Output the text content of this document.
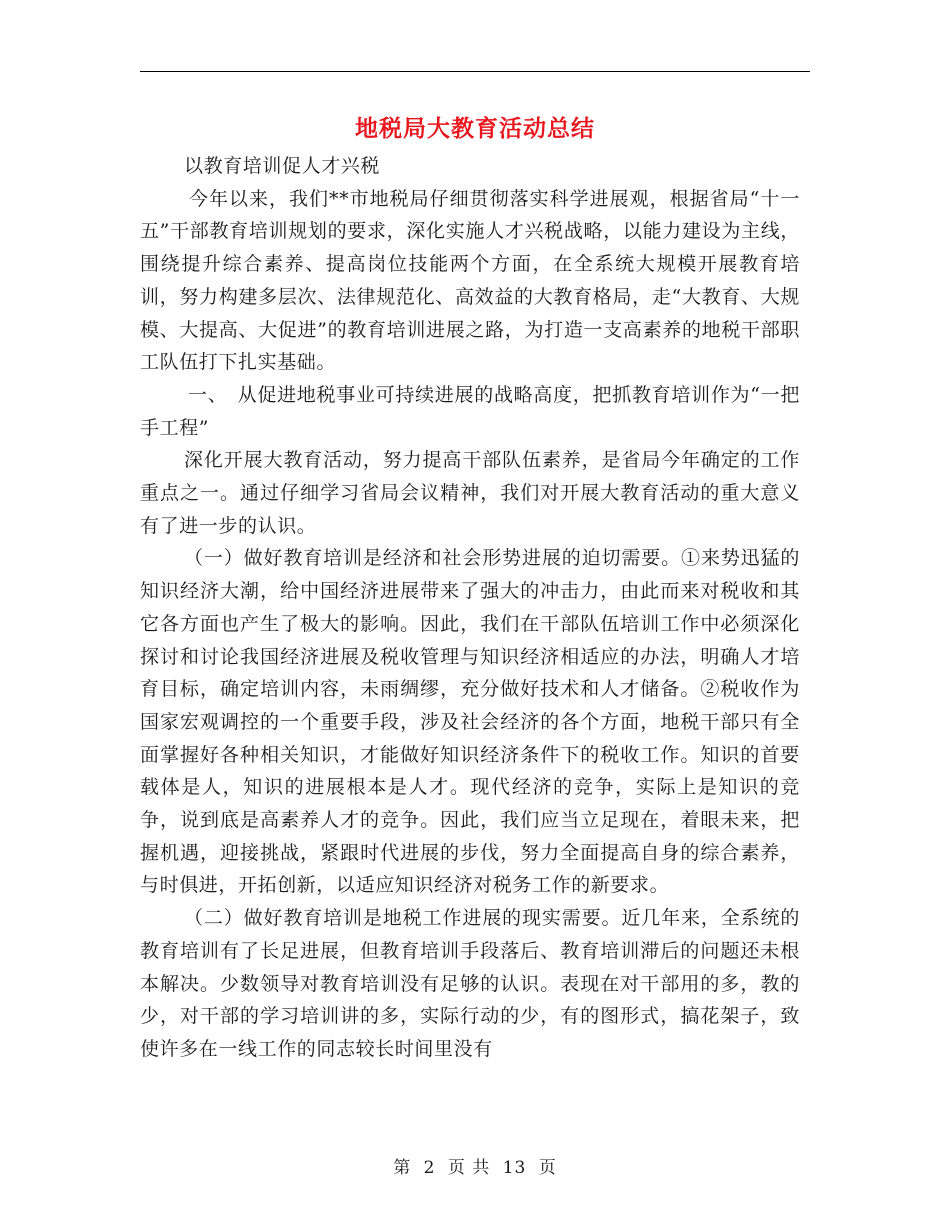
地税局大教育活动总结

以教育培训促人才兴税

今年以来，我们**市地税局仔细贯彻落实科学进展观，根据省局“十一五”干部教育培训规划的要求，深化实施人才兴税战略，以能力建设为主线，围绕提升综合素养、提高岗位技能两个方面，在全系统大规模开展教育培训，努力构建多层次、法律规范化、高效益的大教育格局，走“大教育、大规模、大提高、大促进”的教育培训进展之路，为打造一支高素养的地税干部职工队伍打下扎实基础。

一、　从促进地税事业可持续进展的战略高度，把抓教育培训作为“一把手工程”

深化开展大教育活动，努力提高干部队伍素养，是省局今年确定的工作重点之一。通过仔细学习省局会议精神，我们对开展大教育活动的重大意义有了进一步的认识。

（一）做好教育培训是经济和社会形势进展的迫切需要。①来势迅猛的知识经济大潮，给中国经济进展带来了强大的冲击力，由此而来对税收和其它各方面也产生了极大的影响。因此，我们在干部队伍培训工作中必须深化探讨和讨论我国经济进展及税收管理与知识经济相适应的办法，明确人才培育目标，确定培训内容，未雨绸缪，充分做好技术和人才储备。②税收作为国家宏观调控的一个重要手段，涉及社会经济的各个方面，地税干部只有全面掌握好各种相关知识，才能做好知识经济条件下的税收工作。知识的首要载体是人，知识的进展根本是人才。现代经济的竞争，实际上是知识的竞争，说到底是高素养人才的竞争。因此，我们应当立足现在，着眼未来，把握机遇，迎接挑战，紧跟时代进展的步伐，努力全面提高自身的综合素养，与时俱进，开拓创新，以适应知识经济对税务工作的新要求。

（二）做好教育培训是地税工作进展的现实需要。近几年来，全系统的教育培训有了长足进展，但教育培训手段落后、教育培训滞后的问题还未根本解决。少数领导对教育培训没有足够的认识。表现在对干部用的多，教的少，对干部的学习培训讲的多，实际行动的少，有的图形式，搞花架子，致使许多在一线工作的同志较长时间里没有

第 2 页 共 13 页
